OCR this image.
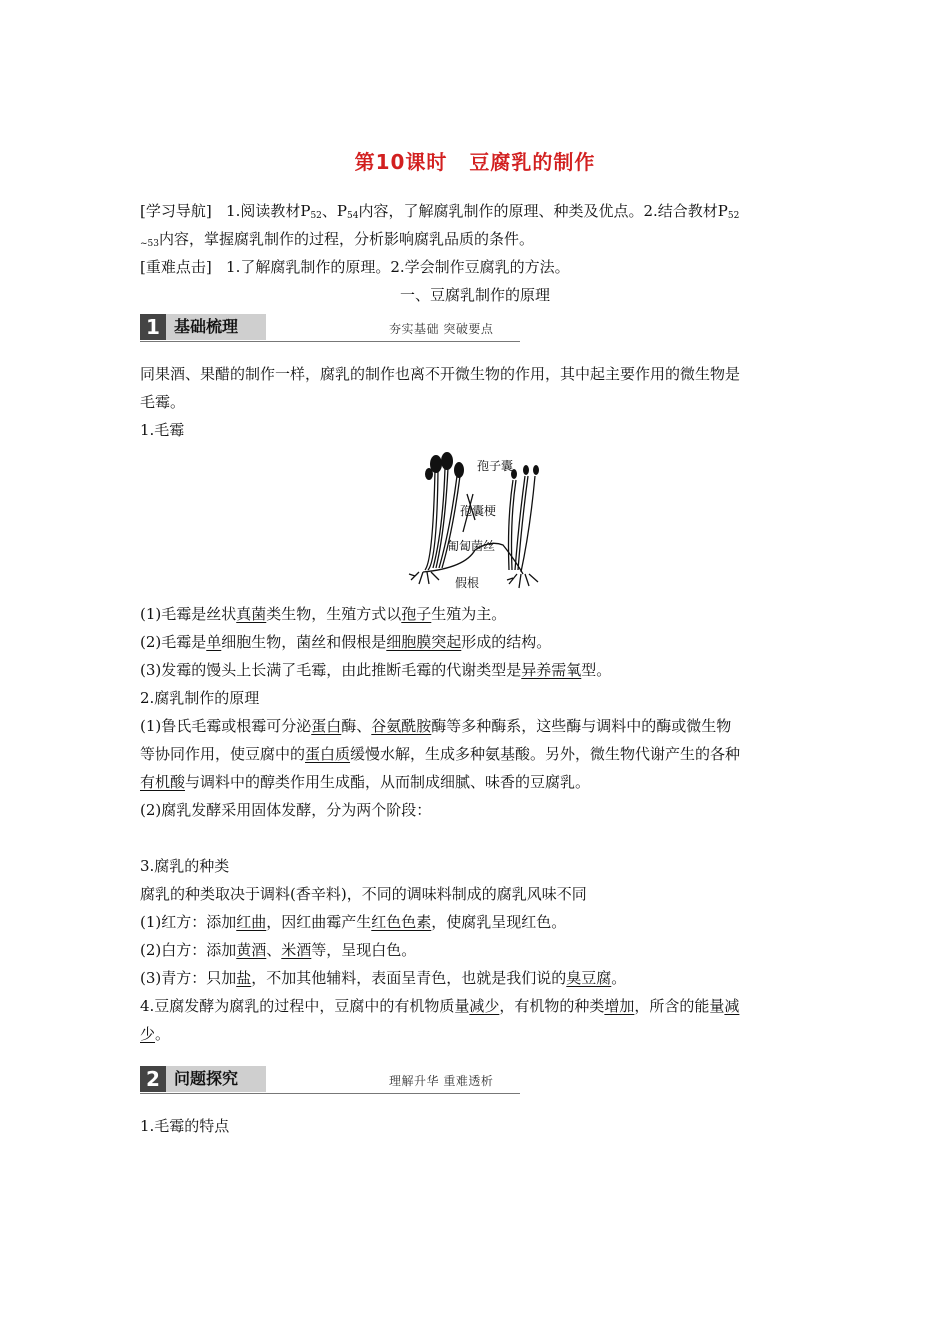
第10课时 豆腐乳的制作
[学习导航] 1.阅读教材$P_{52}$、$P_{54}$内容，了解腐乳制作的原理、种类及优点。2.结合教材$P_{52}$
$_{\sim 53}$内容，掌握腐乳制作的过程，分析影响腐乳品质的条件。
[重难点击] 1.了解腐乳制作的原理。2.学会制作豆腐乳的方法。
一、豆腐乳制作的原理
1 基础梳理	夯实基础 突破要点
同果酒、果醋的制作一样，腐乳的制作也离不开微生物的作用，其中起主要作用的微生物是
毛霉。
1.毛霉
孢子囊
孢囊梗
匍匐菌丝
假根
(1)毛霉是丝状真菌类生物，生殖方式以孢子生殖为主。
(2)毛霉是单细胞生物，菌丝和假根是细胞膜突起形成的结构。
(3)发霉的馒头上长满了毛霉，由此推断毛霉的代谢类型是异养需氧型。
2.腐乳制作的原理
(1)鲁氏毛霉或根霉可分泌蛋白酶、谷氨酰胺酶等多种酶系，这些酶与调料中的酶或微生物
等协同作用，使豆腐中的蛋白质缓慢水解，生成多种氨基酸。另外，微生物代谢产生的各种
有机酸与调料中的醇类作用生成酯，从而制成细腻、味香的豆腐乳。
(2)腐乳发酵采用固体发酵，分为两个阶段：
3.腐乳的种类
腐乳的种类取决于调料(香辛料)，不同的调味料制成的腐乳风味不同
(1)红方：添加红曲，因红曲霉产生红色色素，使腐乳呈现红色。
(2)白方：添加黄酒、米酒等，呈现白色。
(3)青方：只加盐，不加其他辅料，表面呈青色，也就是我们说的臭豆腐。
4.豆腐发酵为腐乳的过程中，豆腐中的有机物质量减少，有机物的种类增加，所含的能量减
少。
2 问题探究	理解升华 重难透析
1.毛霉的特点
